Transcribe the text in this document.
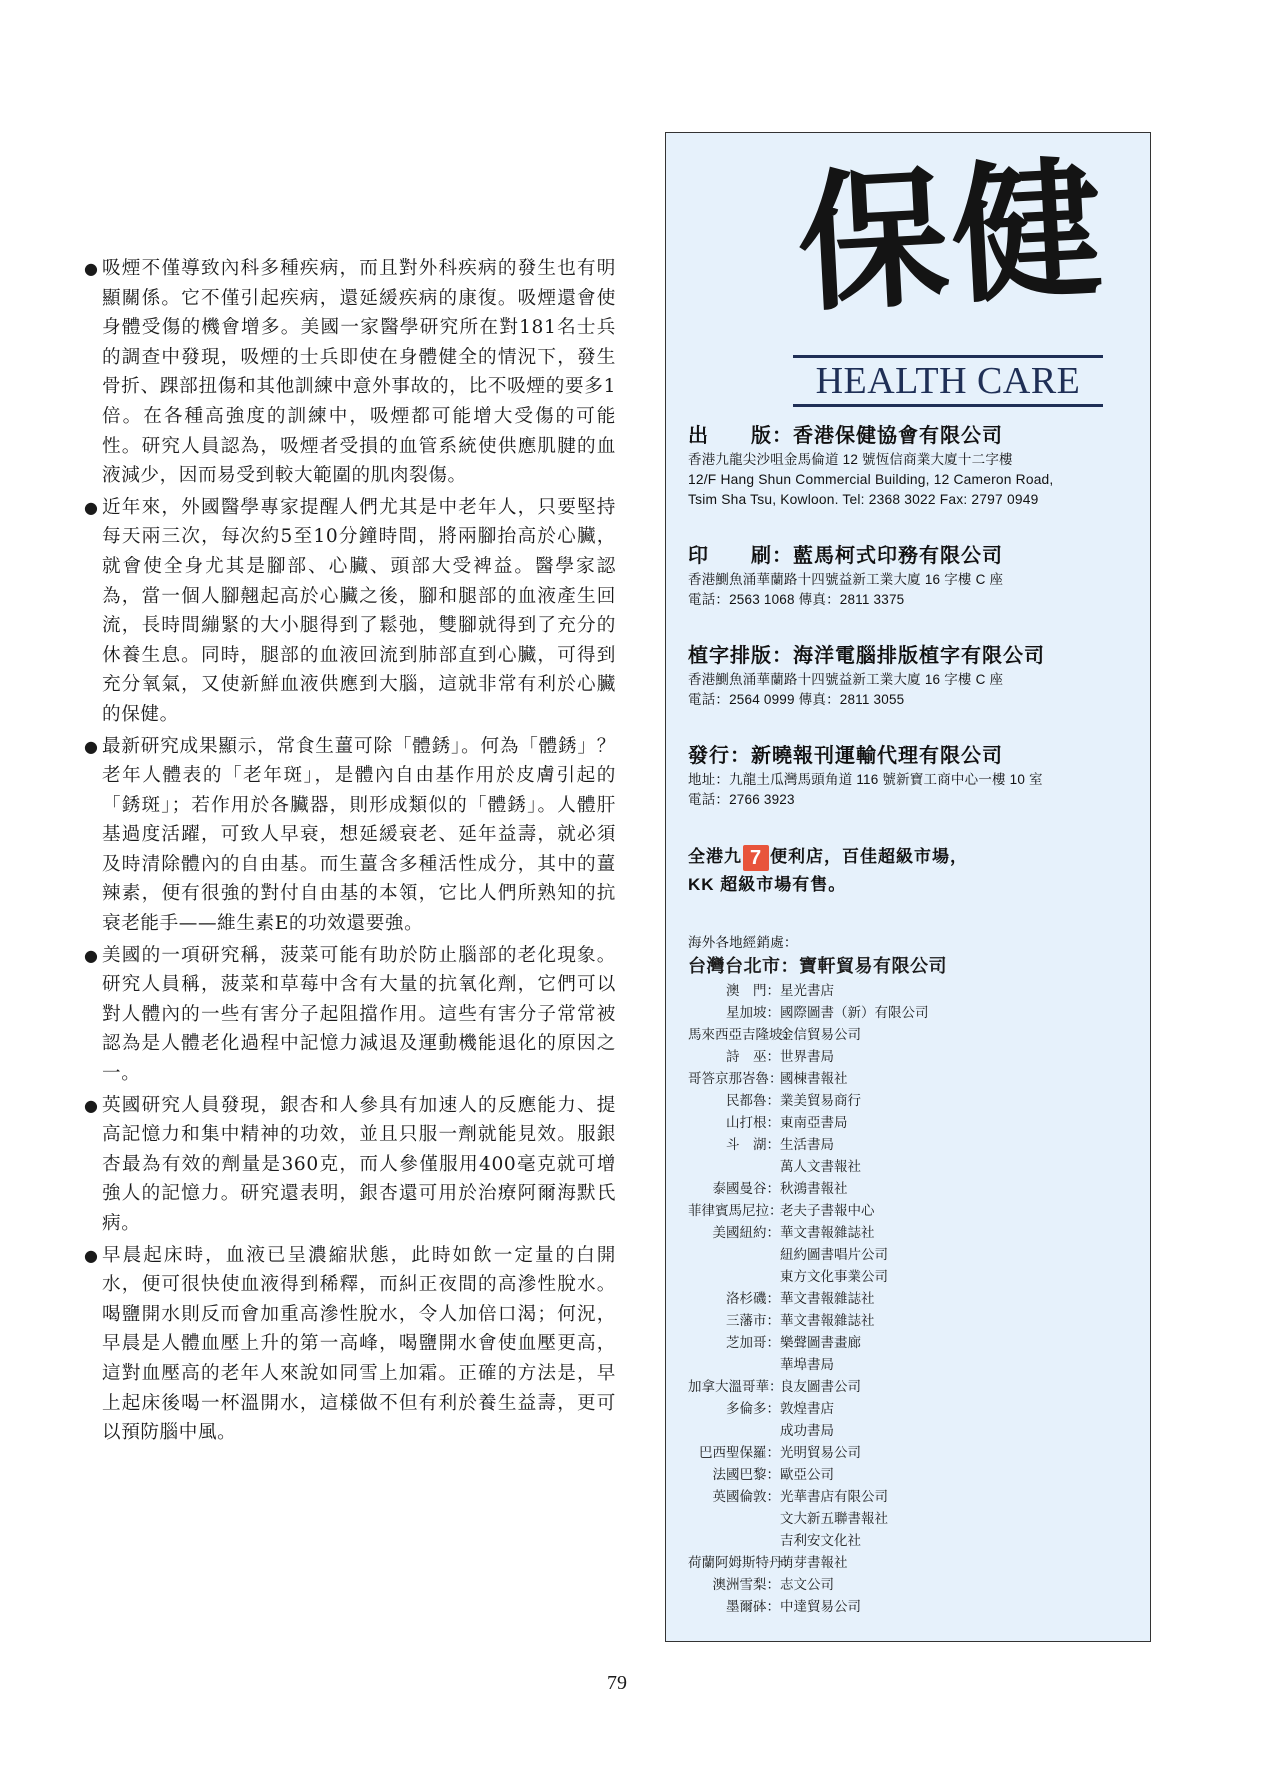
● 吸煙不僅導致內科多種疾病，而且對外科疾病的發生也有明顯關係。它不僅引起疾病，還延緩疾病的康復。吸煙還會使身體受傷的機會增多。美國一家醫學研究所在對181名士兵的調查中發現，吸煙的士兵即使在身體健全的情況下，發生骨折、踝部扭傷和其他訓練中意外事故的，比不吸煙的要多1倍。在各種高強度的訓練中，吸煙都可能增大受傷的可能性。研究人員認為，吸煙者受損的血管系統使供應肌腱的血液減少，因而易受到較大範圍的肌肉裂傷。
● 近年來，外國醫學專家提醒人們尤其是中老年人，只要堅持每天兩三次，每次約5至10分鐘時間，將兩腳抬高於心臟，就會使全身尤其是腳部、心臟、頭部大受裨益。醫學家認為，當一個人腳翹起高於心臟之後，腳和腿部的血液產生回流，長時間繃緊的大小腿得到了鬆弛，雙腳就得到了充分的休養生息。同時，腿部的血液回流到肺部直到心臟，可得到充分氧氣，又使新鮮血液供應到大腦，這就非常有利於心臟的保健。
● 最新研究成果顯示，常食生薑可除「體銹」。何為「體銹」？老年人體表的「老年斑」，是體內自由基作用於皮膚引起的「銹斑」；若作用於各臟器，則形成類似的「體銹」。人體肝基過度活躍，可致人早衰，想延緩衰老、延年益壽，就必須及時清除體內的自由基。而生薑含多種活性成分，其中的薑辣素，便有很強的對付自由基的本領，它比人們所熟知的抗衰老能手——維生素E的功效還要強。
● 美國的一項研究稱，菠菜可能有助於防止腦部的老化現象。研究人員稱，菠菜和草莓中含有大量的抗氧化劑，它們可以對人體內的一些有害分子起阻擋作用。這些有害分子常常被認為是人體老化過程中記憶力減退及運動機能退化的原因之一。
● 英國研究人員發現，銀杏和人參具有加速人的反應能力、提高記憶力和集中精神的功效，並且只服一劑就能見效。服銀杏最為有效的劑量是360克，而人參僅服用400毫克就可增強人的記憶力。研究還表明，銀杏還可用於治療阿爾海默氏病。
● 早晨起床時，血液已呈濃縮狀態，此時如飲一定量的白開水，便可很快使血液得到稀釋，而糾正夜間的高滲性脫水。喝鹽開水則反而會加重高滲性脫水，令人加倍口渴；何況，早晨是人體血壓上升的第一高峰，喝鹽開水會使血壓更高，這對血壓高的老年人來說如同雪上加霜。正確的方法是，早上起床後喝一杯溫開水，這樣做不但有利於養生益壽，更可以預防腦中風。
保健
HEALTH CARE
出　　版：香港保健協會有限公司
香港九龍尖沙咀金馬倫道 12 號恆信商業大廈十二字樓
12/F Hang Shun Commercial Building, 12 Cameron Road,
Tsim Sha Tsu, Kowloon. Tel: 2368 3022 Fax: 2797 0949
印　　刷：藍馬柯式印務有限公司
香港鰂魚涌華蘭路十四號益新工業大廈 16 字樓 C 座
電話：2563 1068 傳真：2811 3375
植字排版：海洋電腦排版植字有限公司
香港鰂魚涌華蘭路十四號益新工業大廈 16 字樓 C 座
電話：2564 0999 傳真：2811 3055
發行：新曉報刊運輸代理有限公司
地址：九龍土瓜灣馬頭角道 116 號新寶工商中心一樓 10 室
電話：2766 3923
全港九 7 便利店，百佳超級市場，
KK 超級市場有售。
海外各地經銷處：
台灣台北市：寶軒貿易有限公司
澳　門：星光書店
星加坡：國際圖書（新）有限公司
馬來西亞吉隆坡：金信貿易公司
詩　巫：世界書局
哥答京那峇魯：國棟書報社
民都魯：業美貿易商行
山打根：東南亞書局
斗　湖：生活書局
萬人文書報社
泰國曼谷：秋鴻書報社
菲律賓馬尼拉：老夫子書報中心
美國紐約：華文書報雜誌社
紐約圖書唱片公司
東方文化事業公司
洛杉磯：華文書報雜誌社
三藩市：華文書報雜誌社
芝加哥：樂聲圖書畫廊
華埠書局
加拿大溫哥華：良友圖書公司
多倫多：敦煌書店
成功書局
巴西聖保羅：光明貿易公司
法國巴黎：歐亞公司
英國倫敦：光華書店有限公司
文大新五聯書報社
吉利安文化社
荷蘭阿姆斯特丹：萌芽書報社
澳洲雪梨：志文公司
墨爾砵：中達貿易公司
79
